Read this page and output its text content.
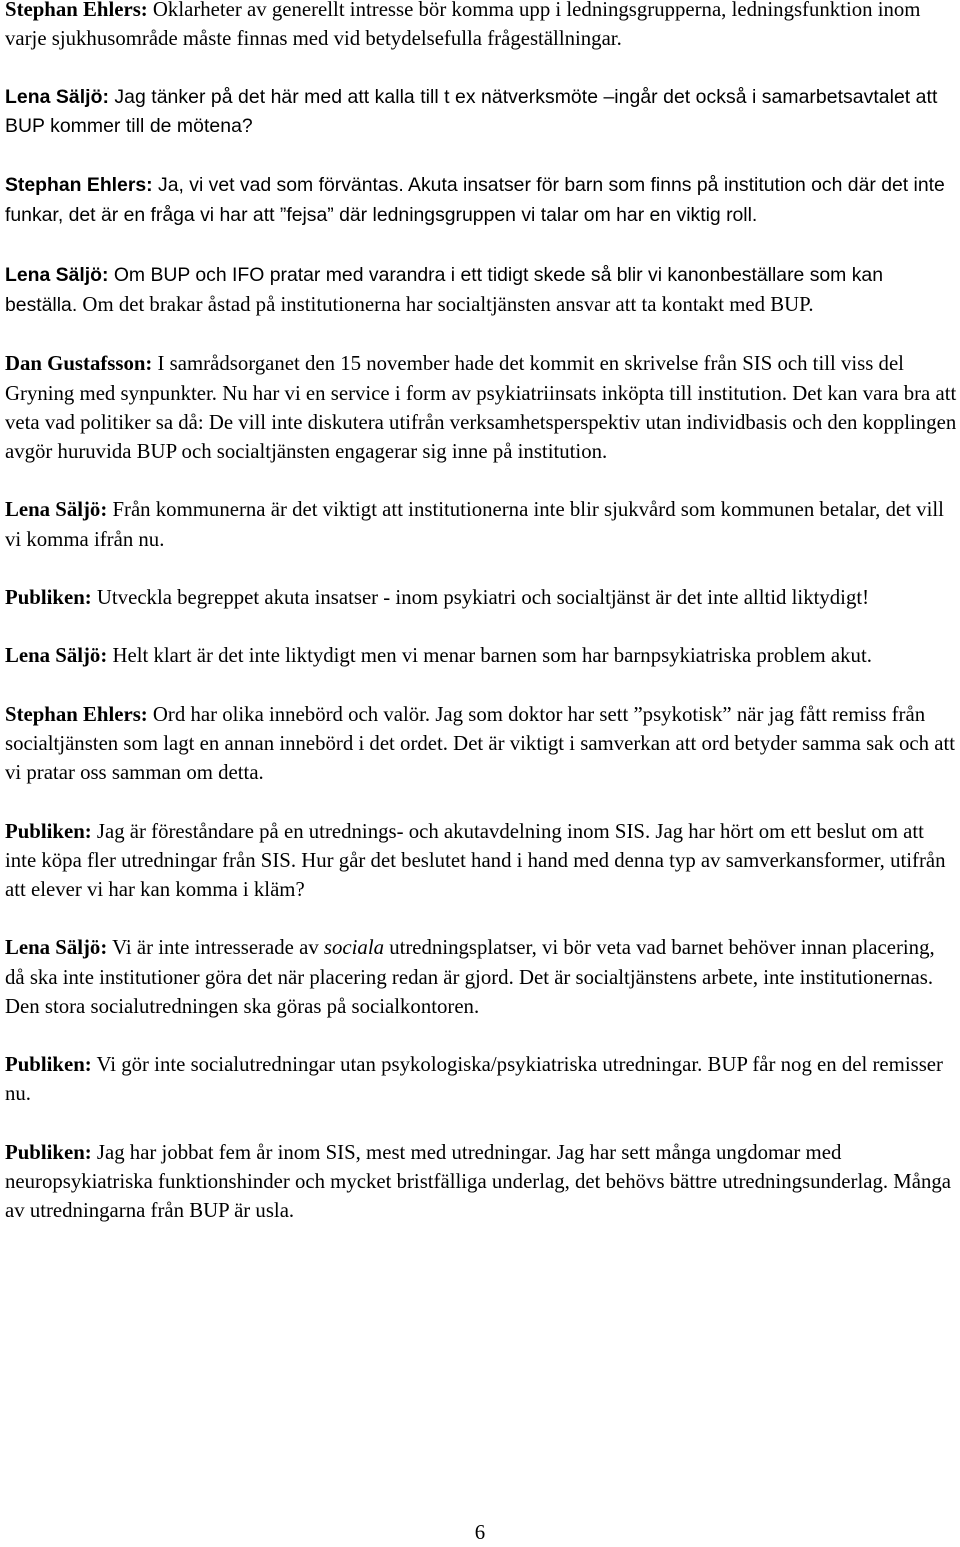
Stephan Ehlers: Oklarheter av generellt intresse bör komma upp i ledningsgrupperna, ledningsfunktion inom varje sjukhusområde måste finnas med vid betydelsefulla frågeställningar.

Lena Säljö: Jag tänker på det här med att kalla till t ex nätverksmöte –ingår det också i samarbetsavtalet att BUP kommer till de mötena?

Stephan Ehlers: Ja, vi vet vad som förväntas. Akuta insatser för barn som finns på institution och där det inte funkar, det är en fråga vi har att ”fejsa” där ledningsgruppen vi talar om har en viktig roll.

Lena Säljö: Om BUP och IFO pratar med varandra i ett tidigt skede så blir vi kanonbeställare som kan beställa. Om det brakar åstad på institutionerna har socialtjänsten ansvar att ta kontakt med BUP.

Dan Gustafsson: I samrådsorganet den 15 november hade det kommit en skrivelse från SIS och till viss del Gryning med synpunkter. Nu har vi en service i form av psykiatriinsats inköpta till institution. Det kan vara bra att veta vad politiker sa då: De vill inte diskutera utifrån verksamhetsperspektiv utan individbasis och den kopplingen avgör huruvida BUP och socialtjänsten engagerar sig inne på institution.

Lena Säljö: Från kommunerna är det viktigt att institutionerna inte blir sjukvård som kommunen betalar, det vill vi komma ifrån nu.

Publiken: Utveckla begreppet akuta insatser - inom psykiatri och socialtjänst är det inte alltid liktydigt!

Lena Säljö: Helt klart är det inte liktydigt men vi menar barnen som har barnpsykiatriska problem akut.

Stephan Ehlers: Ord har olika innebörd och valör. Jag som doktor har sett ”psykotisk” när jag fått remiss från socialtjänsten som lagt en annan innebörd i det ordet. Det är viktigt i samverkan att ord betyder samma sak och att vi pratar oss samman om detta.

Publiken: Jag är föreståndare på en utrednings- och akutavdelning inom SIS. Jag har hört om ett beslut om att inte köpa fler utredningar från SIS. Hur går det beslutet hand i hand med denna typ av samverkansformer, utifrån att elever vi har kan komma i kläm?

Lena Säljö: Vi är inte intresserade av sociala utredningsplatser, vi bör veta vad barnet behöver innan placering, då ska inte institutioner göra det när placering redan är gjord. Det är socialtjänstens arbete, inte institutionernas. Den stora socialutredningen ska göras på socialkontoren.

Publiken: Vi gör inte socialutredningar utan psykologiska/psykiatriska utredningar. BUP får nog en del remisser nu.

Publiken: Jag har jobbat fem år inom SIS, mest med utredningar. Jag har sett många ungdomar med neuropsykiatriska funktionshinder och mycket bristfälliga underlag, det behövs bättre utredningsunderlag. Många av utredningarna från BUP är usla.

6
